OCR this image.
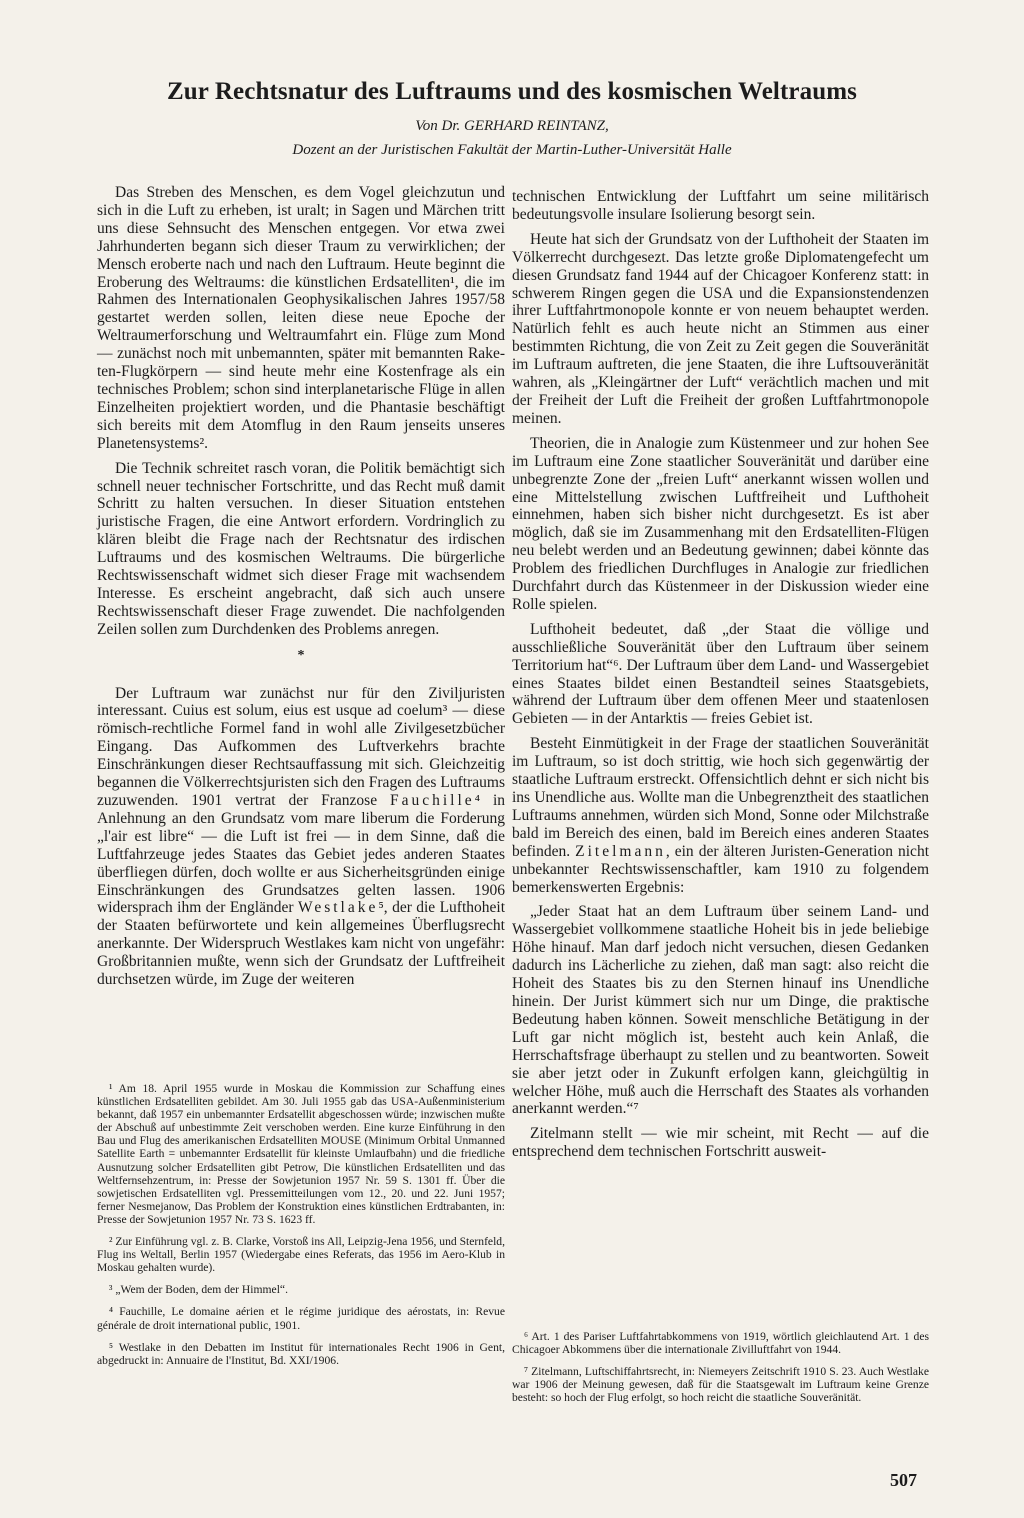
Zur Rechtsnatur des Luftraums und des kosmischen Weltraums
Von Dr. GERHARD REINTANZ,
Dozent an der Juristischen Fakultät der Martin-Luther-Universität Halle

Das Streben des Menschen, es dem Vogel gleichzutun und sich in die Luft zu erheben, ist uralt; in Sagen und Märchen tritt uns diese Sehnsucht des Menschen entgegen. Vor etwa zwei Jahrhunderten begann sich dieser Traum zu verwirklichen; der Mensch eroberte nach und nach den Luftraum. Heute beginnt die Eroberung des Weltraums: die künstlichen Erdsatelliten¹, die im Rahmen des Internationalen Geophysikalischen Jahres 1957/58 gestartet werden sollen, leiten diese neue Epoche der Weltraumerforschung und Weltraumfahrt ein. Flüge zum Mond — zunächst noch mit unbemannten, später mit bemannten Raketen-Flugkörpern — sind heute mehr eine Kostenfrage als ein technisches Problem; schon sind interplanetarische Flüge in allen Einzelheiten projektiert worden, und die Phantasie beschäftigt sich bereits mit dem Atomflug in den Raum jenseits unseres Planetensystems².

Die Technik schreitet rasch voran, die Politik bemächtigt sich schnell neuer technischer Fortschritte, und das Recht muß damit Schritt zu halten versuchen. In dieser Situation entstehen juristische Fragen, die eine Antwort erfordern. Vordringlich zu klären bleibt die Frage nach der Rechtsnatur des irdischen Luftraums und des kosmischen Weltraums. Die bürgerliche Rechtswissenschaft widmet sich dieser Frage mit wachsendem Interesse. Es erscheint angebracht, daß sich auch unsere Rechtswissenschaft dieser Frage zuwendet. Die nachfolgenden Zeilen sollen zum Durchdenken des Problems anregen.

*

Der Luftraum war zunächst nur für den Ziviljuristen interessant. Cuius est solum, eius est usque ad coelum³ — diese römisch-rechtliche Formel fand in wohl alle Zivilgesetzbücher Eingang. Das Aufkommen des Luftverkehrs brachte Einschränkungen dieser Rechtsauffassung mit sich. Gleichzeitig begannen die Völkerrechtsjuristen sich den Fragen des Luftraums zuzuwenden. 1901 vertrat der Franzose Fauchille⁴ in Anlehnung an den Grundsatz vom mare liberum die Forderung „l'air est libre“ — die Luft ist frei — in dem Sinne, daß die Luftfahrzeuge jedes Staates das Gebiet jedes anderen Staates überfliegen dürfen, doch wollte er aus Sicherheitsgründen einige Einschränkungen des Grundsatzes gelten lassen. 1906 widersprach ihm der Engländer Westlake⁵, der die Lufthoheit der Staaten befürwortete und kein allgemeines Überflugsrecht anerkannte. Der Widerspruch Westlakes kam nicht von ungefähr: Großbritannien mußte, wenn sich der Grundsatz der Luftfreiheit durchsetzen würde, im Zuge der weiteren

¹ Am 18. April 1955 wurde in Moskau die Kommission zur Schaffung eines künstlichen Erdsatelliten gebildet. Am 30. Juli 1955 gab das USA-Außenministerium bekannt, daß 1957 ein unbemannter Erdsatellit abgeschossen würde; inzwischen mußte der Abschuß auf unbestimmte Zeit verschoben werden. Eine kurze Einführung in den Bau und Flug des amerikanischen Erdsatelliten MOUSE (Minimum Orbital Unmanned Satellite Earth = unbemannter Erdsatellit für kleinste Umlaufbahn) und die friedliche Ausnutzung solcher Erdsatelliten gibt Petrow, Die künstlichen Erdsatelliten und das Weltfernsehzentrum, in: Presse der Sowjetunion 1957 Nr. 59 S. 1301 ff. Über die sowjetischen Erdsatelliten vgl. Pressemitteilungen vom 12., 20. und 22. Juni 1957; ferner Nesmejanow, Das Problem der Konstruktion eines künstlichen Erdtrabanten, in: Presse der Sowjetunion 1957 Nr. 73 S. 1623 ff.

² Zur Einführung vgl. z. B. Clarke, Vorstoß ins All, Leipzig-Jena 1956, und Sternfeld, Flug ins Weltall, Berlin 1957 (Wiedergabe eines Referats, das 1956 im Aero-Klub in Moskau gehalten wurde).

³ „Wem der Boden, dem der Himmel“.

⁴ Fauchille, Le domaine aérien et le régime juridique des aérostats, in: Revue générale de droit international public, 1901.

⁵ Westlake in den Debatten im Institut für internationales Recht 1906 in Gent, abgedruckt in: Annuaire de l'Institut, Bd. XXI/1906.

technischen Entwicklung der Luftfahrt um seine militärisch bedeutungsvolle insulare Isolierung besorgt sein.

Heute hat sich der Grundsatz von der Lufthoheit der Staaten im Völkerrecht durchgesezt. Das letzte große Diplomatengefecht um diesen Grundsatz fand 1944 auf der Chicagoer Konferenz statt: in schwerem Ringen gegen die USA und die Expansionstendenzen ihrer Luftfahrtmonopole konnte er von neuem behauptet werden. Natürlich fehlt es auch heute nicht an Stimmen aus einer bestimmten Richtung, die von Zeit zu Zeit gegen die Souveränität im Luftraum auftreten, die jene Staaten, die ihre Luftsouveränität wahren, als „Kleingärtner der Luft“ verächtlich machen und mit der Freiheit der Luft die Freiheit der großen Luftfahrtmonopole meinen.

Theorien, die in Analogie zum Küstenmeer und zur hohen See im Luftraum eine Zone staatlicher Souveränität und darüber eine unbegrenzte Zone der „freien Luft“ anerkannt wissen wollen und eine Mittelstellung zwischen Luftfreiheit und Lufthoheit einnehmen, haben sich bisher nicht durchgesetzt. Es ist aber möglich, daß sie im Zusammenhang mit den Erdsatelliten-Flügen neu belebt werden und an Bedeutung gewinnen; dabei könnte das Problem des friedlichen Durchfluges in Analogie zur friedlichen Durchfahrt durch das Küstenmeer in der Diskussion wieder eine Rolle spielen.

Lufthoheit bedeutet, daß „der Staat die völlige und ausschließliche Souveränität über den Luftraum über seinem Territorium hat“⁶. Der Luftraum über dem Land- und Wassergebiet eines Staates bildet einen Bestandteil seines Staatsgebiets, während der Luftraum über dem offenen Meer und staatenlosen Gebieten — in der Antarktis — freies Gebiet ist.

Besteht Einmütigkeit in der Frage der staatlichen Souveränität im Luftraum, so ist doch strittig, wie hoch sich gegenwärtig der staatliche Luftraum erstreckt. Offensichtlich dehnt er sich nicht bis ins Unendliche aus. Wollte man die Unbegrenztheit des staatlichen Luftraums annehmen, würden sich Mond, Sonne oder Milchstraße bald im Bereich des einen, bald im Bereich eines anderen Staates befinden. Zitelmann, ein der älteren Juristen-Generation nicht unbekannter Rechtswissenschaftler, kam 1910 zu folgendem bemerkenswerten Ergebnis:

„Jeder Staat hat an dem Luftraum über seinem Land- und Wassergebiet vollkommene staatliche Hoheit bis in jede beliebige Höhe hinauf. Man darf jedoch nicht versuchen, diesen Gedanken dadurch ins Lächerliche zu ziehen, daß man sagt: also reicht die Hoheit des Staates bis zu den Sternen hinauf ins Unendliche hinein. Der Jurist kümmert sich nur um Dinge, die praktische Bedeutung haben können. Soweit menschliche Betätigung in der Luft gar nicht möglich ist, besteht auch kein Anlaß, die Herrschaftsfrage überhaupt zu stellen und zu beantworten. Soweit sie aber jetzt oder in Zukunft erfolgen kann, gleichgültig in welcher Höhe, muß auch die Herrschaft des Staates als vorhanden anerkannt werden.“⁷

Zitelmann stellt — wie mir scheint, mit Recht — auf die entsprechend dem technischen Fortschritt ausweit-

⁶ Art. 1 des Pariser Luftfahrtabkommens von 1919, wörtlich gleichlautend Art. 1 des Chicagoer Abkommens über die internationale Zivilluftfahrt von 1944.

⁷ Zitelmann, Luftschiffahrtsrecht, in: Niemeyers Zeitschrift 1910 S. 23. Auch Westlake war 1906 der Meinung gewesen, daß für die Staatsgewalt im Luftraum keine Grenze besteht: so hoch der Flug erfolgt, so hoch reicht die staatliche Souveränität.

507
